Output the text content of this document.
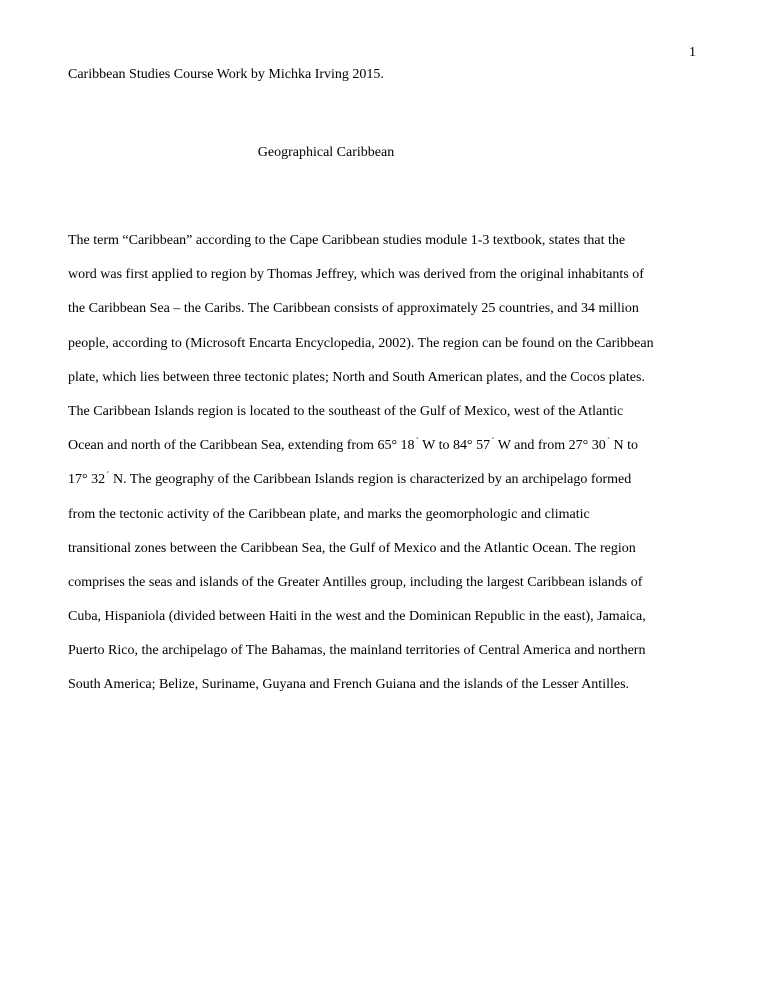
1
Caribbean Studies Course Work by Michka Irving 2015.
Geographical Caribbean
The term “Caribbean” according to the Cape Caribbean studies module 1-3 textbook, states that the
word was first applied to region by Thomas Jeffrey, which was derived from the original inhabitants of
the Caribbean Sea – the Caribs. The Caribbean consists of approximately 25 countries, and 34 million
people, according to (Microsoft Encarta Encyclopedia, 2002). The region can be found on the Caribbean
plate, which lies between three tectonic plates; North and South American plates, and the Cocos plates.
The Caribbean Islands region is located to the southeast of the Gulf of Mexico, west of the Atlantic
Ocean and north of the Caribbean Sea, extending from 65° 18´ W to 84° 57´ W and from 27° 30´ N to
17° 32´ N. The geography of the Caribbean Islands region is characterized by an archipelago formed
from the tectonic activity of the Caribbean plate, and marks the geomorphologic and climatic
transitional zones between the Caribbean Sea, the Gulf of Mexico and the Atlantic Ocean. The region
comprises the seas and islands of the Greater Antilles group, including the largest Caribbean islands of
Cuba, Hispaniola (divided between Haiti in the west and the Dominican Republic in the east), Jamaica,
Puerto Rico, the archipelago of The Bahamas, the mainland territories of Central America and northern
South America; Belize, Suriname, Guyana and French Guiana and the islands of the Lesser Antilles.
